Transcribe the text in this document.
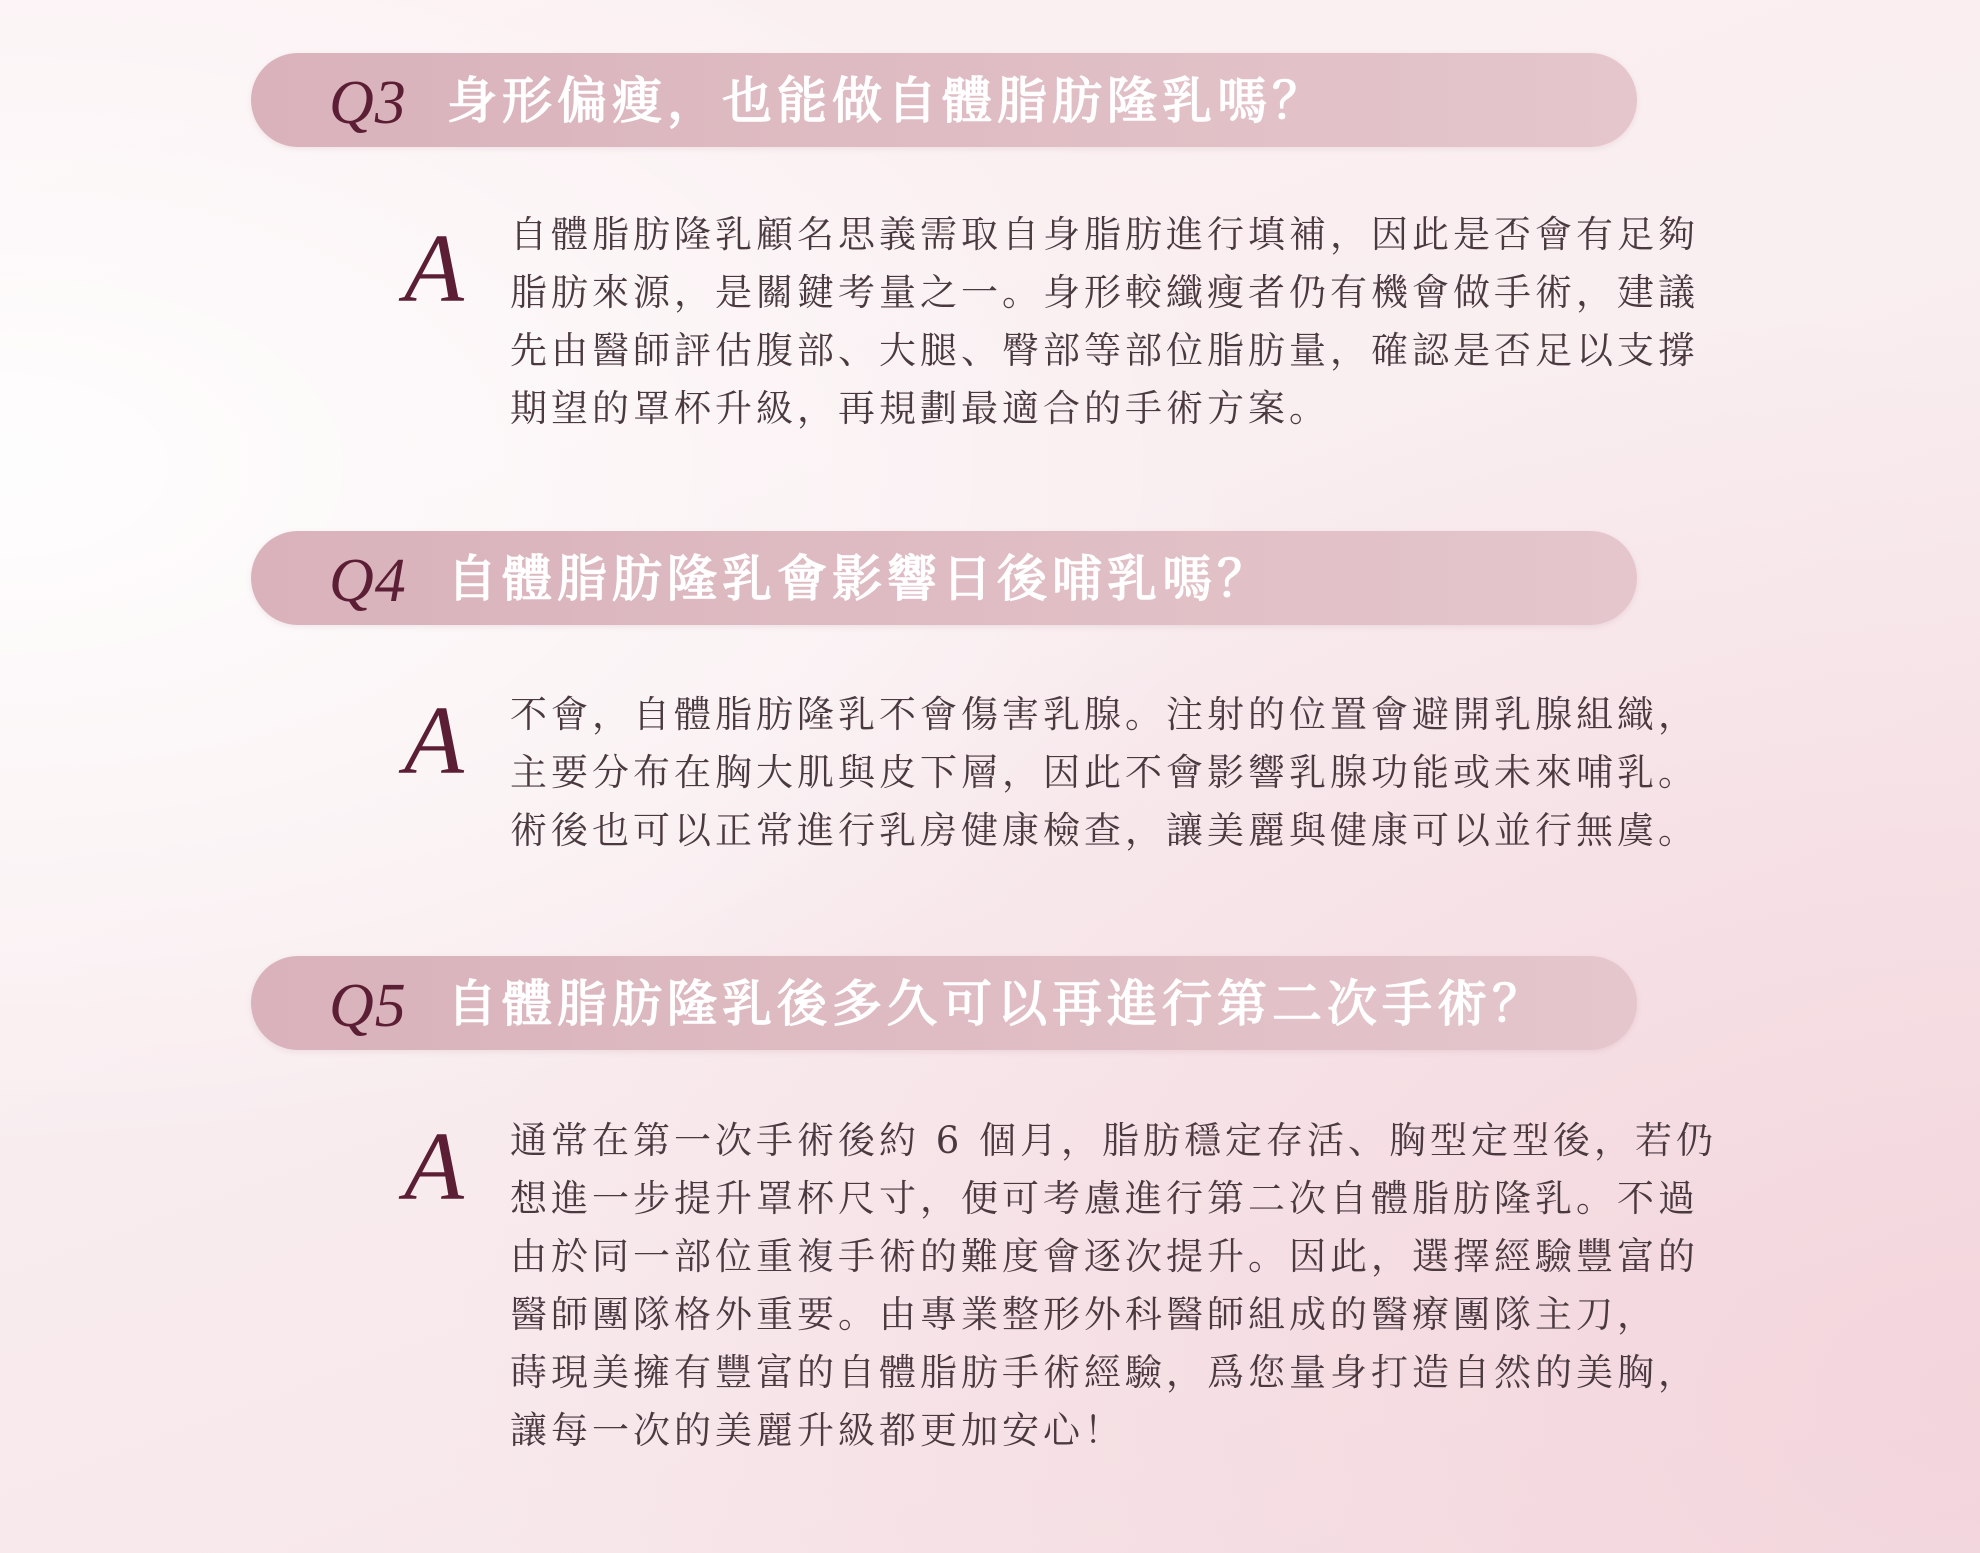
Q3 身形偏瘦，也能做自體脂肪隆乳嗎？
A 自體脂肪隆乳顧名思義需取自身脂肪進行填補，因此是否會有足夠
脂肪來源，是關鍵考量之一。身形較纖瘦者仍有機會做手術，建議
先由醫師評估腹部、大腿、臀部等部位脂肪量，確認是否足以支撐
期望的罩杯升級，再規劃最適合的手術方案。
Q4 自體脂肪隆乳會影響日後哺乳嗎？
A 不會，自體脂肪隆乳不會傷害乳腺。注射的位置會避開乳腺組織，
主要分布在胸大肌與皮下層，因此不會影響乳腺功能或未來哺乳。
術後也可以正常進行乳房健康檢查，讓美麗與健康可以並行無虞。
Q5 自體脂肪隆乳後多久可以再進行第二次手術？
A 通常在第一次手術後約 6 個月，脂肪穩定存活、胸型定型後，若仍
想進一步提升罩杯尺寸，便可考慮進行第二次自體脂肪隆乳。不過
由於同一部位重複手術的難度會逐次提升。因此，選擇經驗豐富的
醫師團隊格外重要。由專業整形外科醫師組成的醫療團隊主刀，
蒔現美擁有豐富的自體脂肪手術經驗，爲您量身打造自然的美胸，
讓每一次的美麗升級都更加安心！
